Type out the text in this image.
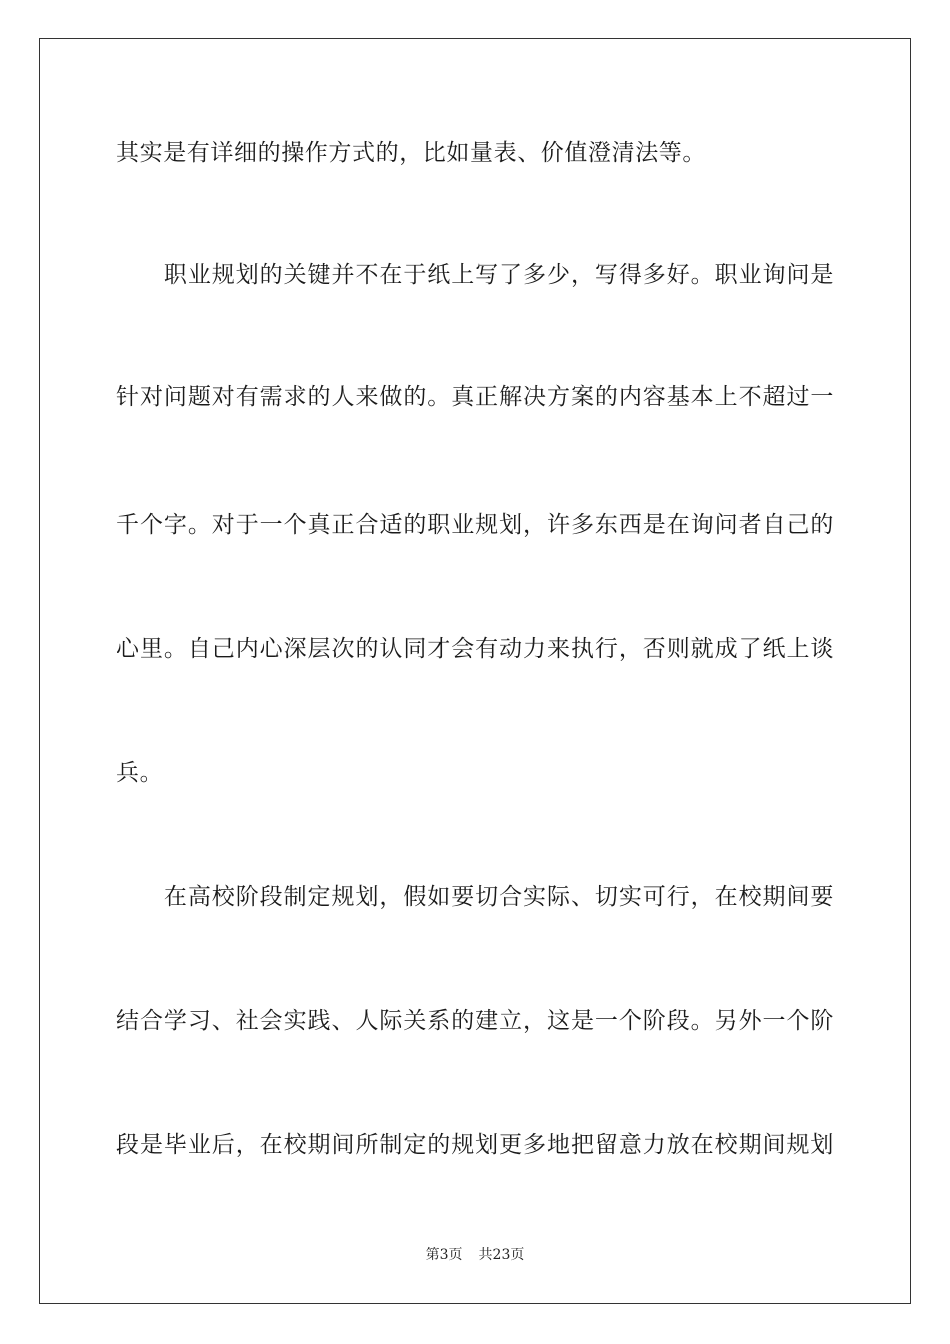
其实是有详细的操作方式的，比如量表、价值澄清法等。
　　职业规划的关键并不在于纸上写了多少，写得多好。职业询问是
针对问题对有需求的人来做的。真正解决方案的内容基本上不超过一
千个字。对于一个真正合适的职业规划，许多东西是在询问者自己的
心里。自己内心深层次的认同才会有动力来执行，否则就成了纸上谈
兵。
　　在高校阶段制定规划，假如要切合实际、切实可行，在校期间要
结合学习、社会实践、人际关系的建立，这是一个阶段。另外一个阶
段是毕业后，在校期间所制定的规划更多地把留意力放在校期间规划
第3页 共23页
